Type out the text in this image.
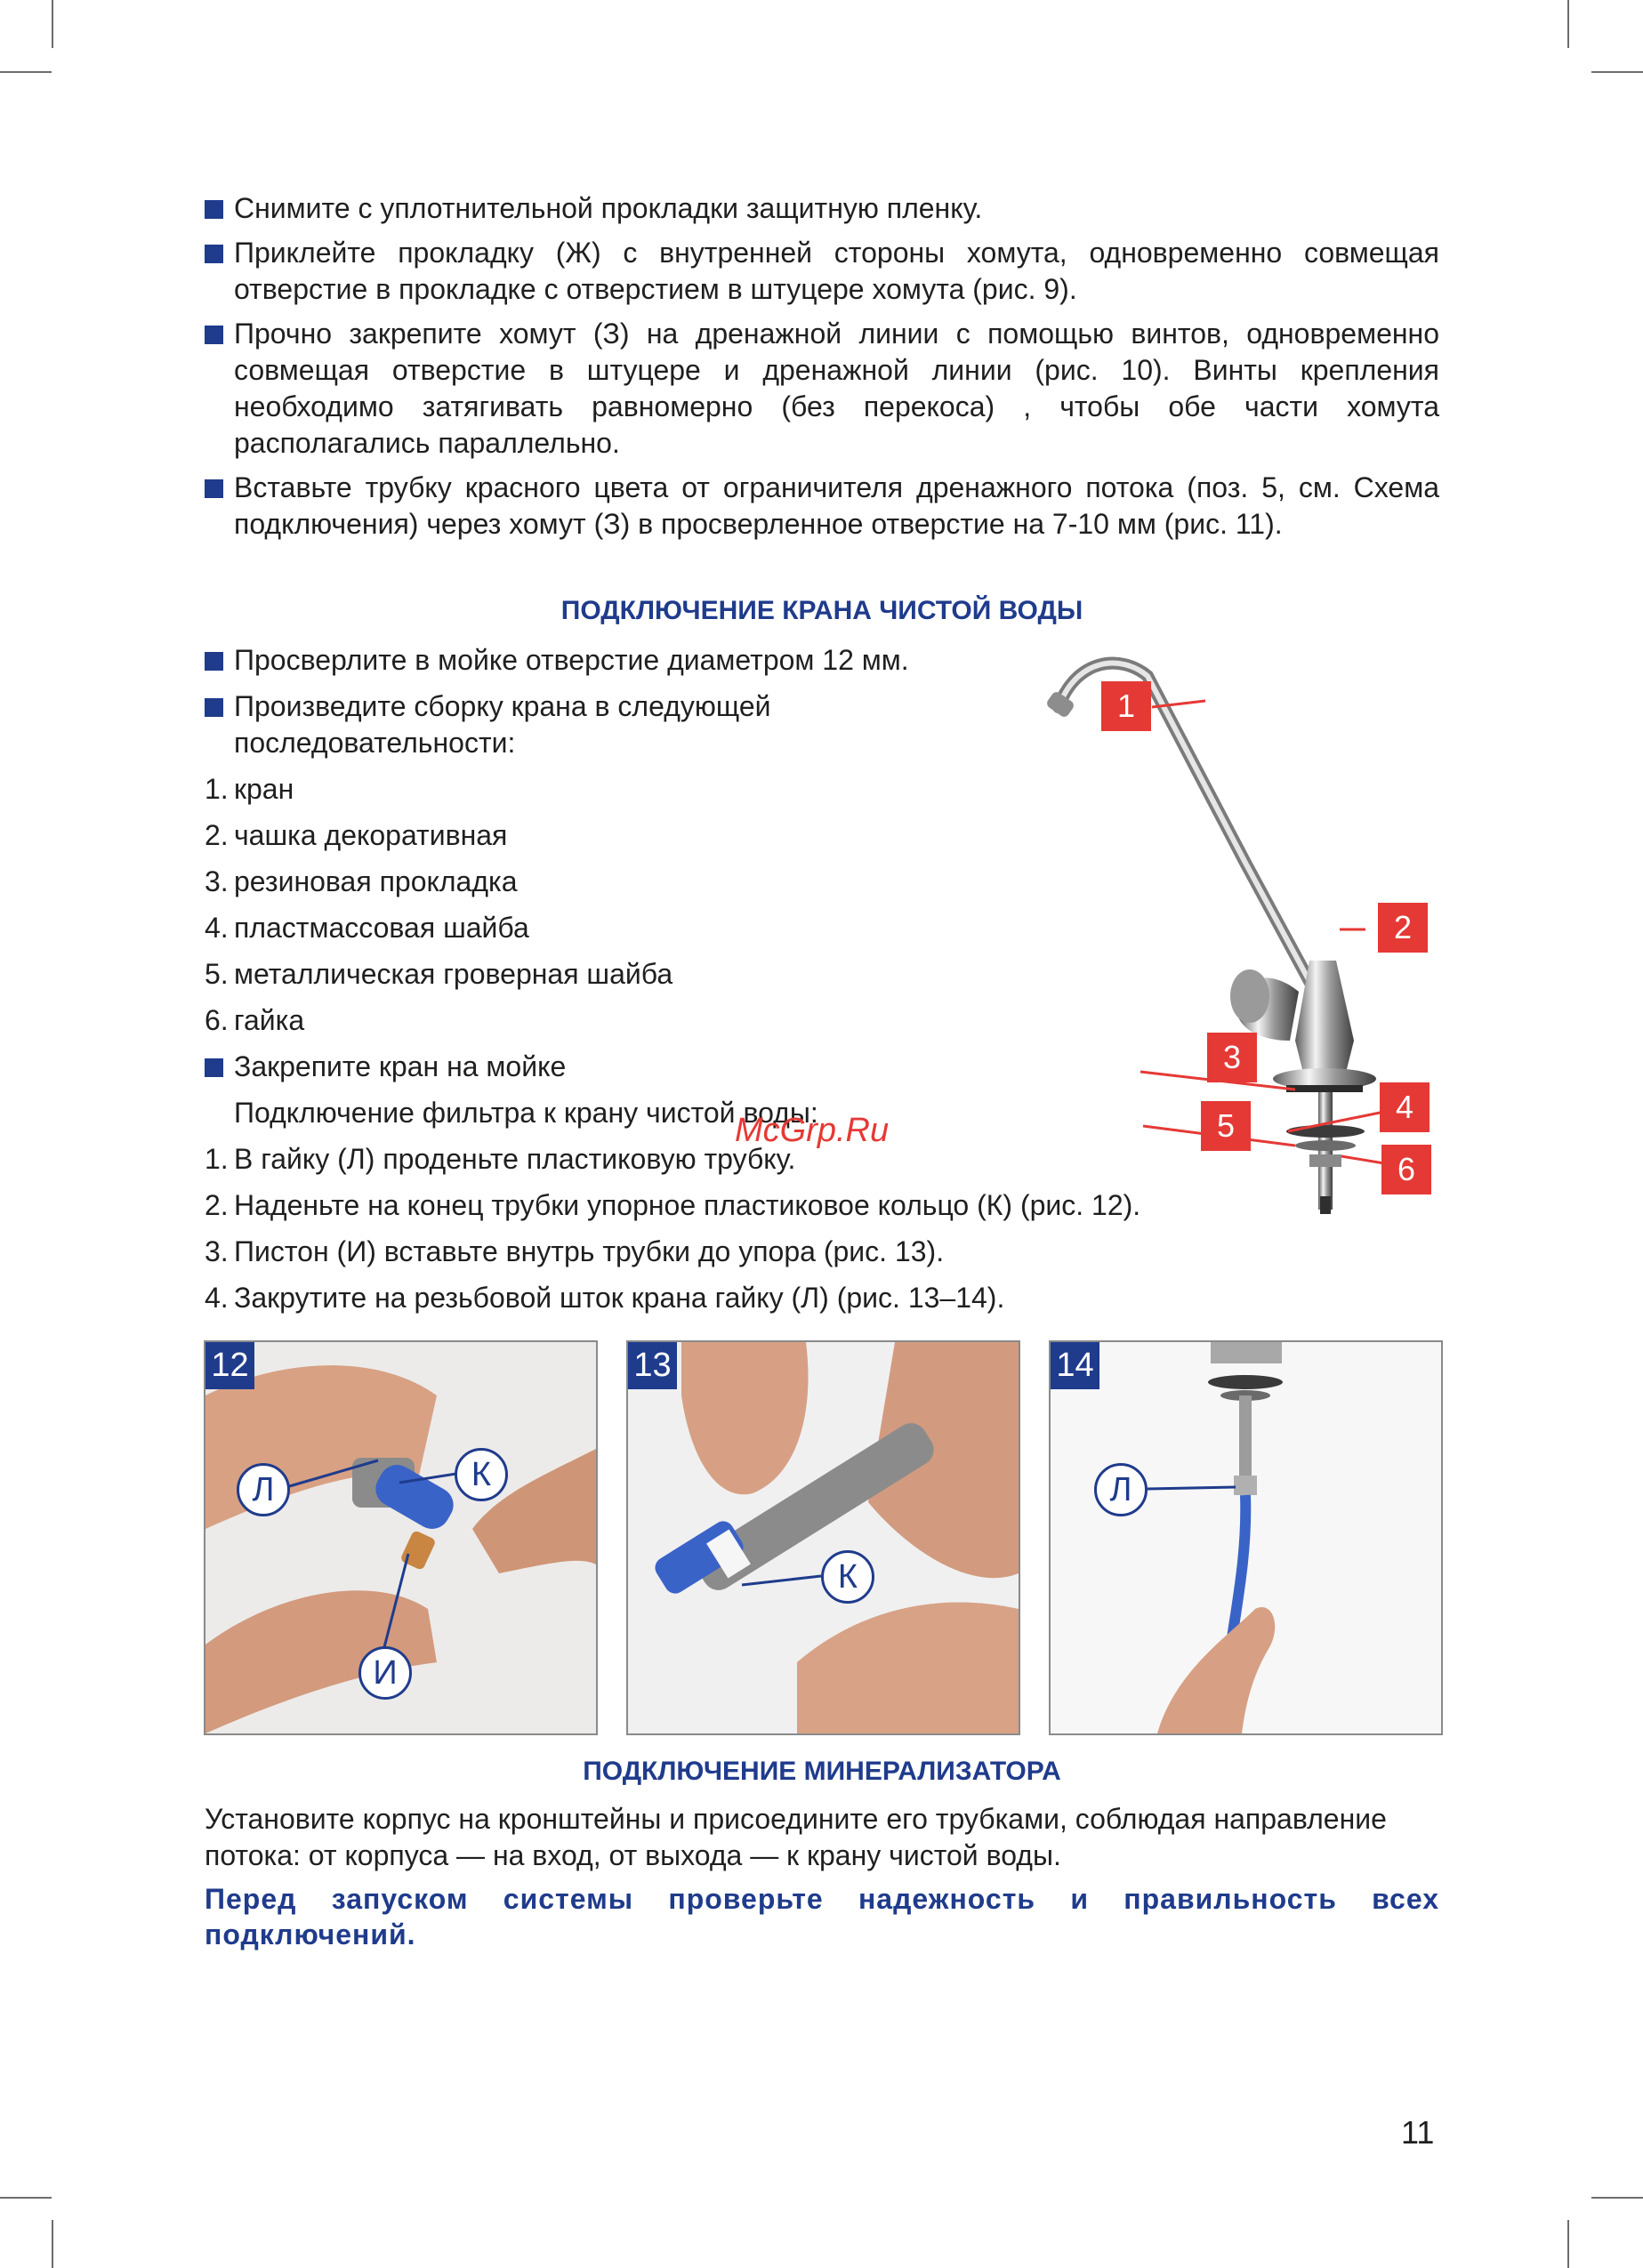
Снимите с уплотнительной прокладки защитную пленку.
Приклейте прокладку (Ж) с внутренней стороны хомута, одновременно совмещая отверстие в прокладке с отверстием в штуцере хомута (рис. 9).
Прочно закрепите хомут (З) на дренажной линии с помощью винтов, одновременно совмещая отверстие в штуцере и дренажной линии (рис. 10). Винты крепления необходимо затягивать равномерно (без перекоса) , чтобы обе части хомута располагались параллельно.
Вставьте трубку красного цвета от ограничителя дренажного потока (поз. 5, см. Схема подключения) через хомут (З) в просверленное отверстие на 7-10 мм (рис. 11).
ПОДКЛЮЧЕНИЕ КРАНА ЧИСТОЙ ВОДЫ
Просверлите в мойке отверстие диаметром 12 мм.
Произведите сборку крана в следующей последовательности:
1. кран
2. чашка декоративная
3. резиновая прокладка
4. пластмассовая шайба
5. металлическая гроверная шайба
6. гайка
Закрепите кран на мойке
Подключение фильтра к крану чистой воды:
1. В гайку (Л) проденьте пластиковую трубку.
2. Наденьте на конец трубки упорное пластиковое кольцо (К) (рис. 12).
3. Пистон (И) вставьте внутрь трубки до упора (рис. 13).
4. Закрутите на резьбовой шток крана гайку (Л) (рис. 13–14).
1
2
3
4
5
6
McGrp.Ru
12
Л	К
И
13
К
14
Л
ПОДКЛЮЧЕНИЕ МИНЕРАЛИЗАТОРА
Установите корпус на кронштейны и присоедините его трубками, соблюдая направление потока: от корпуса — на вход, от выхода — к крану чистой воды.
Перед запуском системы проверьте надежность и правильность всех подключений.
11
